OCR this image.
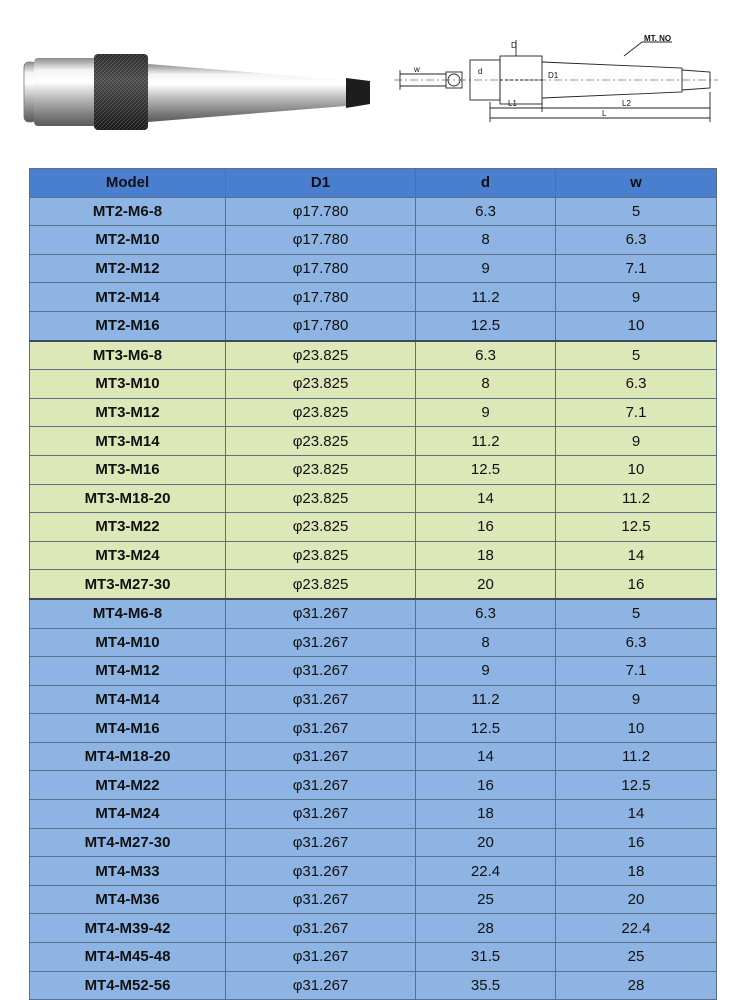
MT. NO
D
w	d	D1
L1	L2
L
Model	D1	d	w
MT2-M6-8	φ17.780	6.3	5
MT2-M10	φ17.780	8	6.3
MT2-M12	φ17.780	9	7.1
MT2-M14	φ17.780	11.2	9
MT2-M16	φ17.780	12.5	10
MT3-M6-8	φ23.825	6.3	5
MT3-M10	φ23.825	8	6.3
MT3-M12	φ23.825	9	7.1
MT3-M14	φ23.825	11.2	9
MT3-M16	φ23.825	12.5	10
MT3-M18-20	φ23.825	14	11.2
MT3-M22	φ23.825	16	12.5
MT3-M24	φ23.825	18	14
MT3-M27-30	φ23.825	20	16
MT4-M6-8	φ31.267	6.3	5
MT4-M10	φ31.267	8	6.3
MT4-M12	φ31.267	9	7.1
MT4-M14	φ31.267	11.2	9
MT4-M16	φ31.267	12.5	10
MT4-M18-20	φ31.267	14	11.2
MT4-M22	φ31.267	16	12.5
MT4-M24	φ31.267	18	14
MT4-M27-30	φ31.267	20	16
MT4-M33	φ31.267	22.4	18
MT4-M36	φ31.267	25	20
MT4-M39-42	φ31.267	28	22.4
MT4-M45-48	φ31.267	31.5	25
MT4-M52-56	φ31.267	35.5	28
